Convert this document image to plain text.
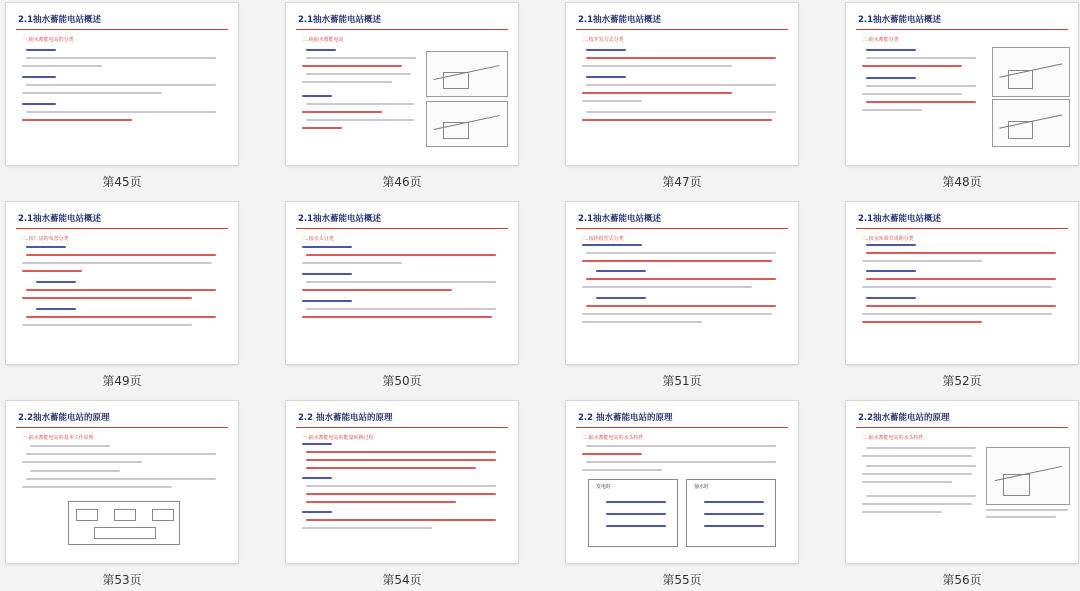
2.1抽水蓄能电站概述
一.抽水蓄能电站的分类
第45页
2.1抽水蓄能电站概述
二.纯抽水蓄能电站
第46页
2.1抽水蓄能电站概述
二.按开发方式分类
第47页
2.1抽水蓄能电站概述
二.抽水蓄能分类
第48页
2.1抽水蓄能电站概述
二.按厂房的布置分类
第49页
2.1抽水蓄能电站概述
二.按水头分类
第50页
2.1抽水蓄能电站概述
二.按机组型式分类
第51页
2.1抽水蓄能电站概述
二.按水库调节周期分类
第52页
2.2抽水蓄能电站的原理
一.抽水蓄能电站的基本工作原理
第53页
2.2 抽水蓄能电站的原理
一.抽水蓄能电站的能量转换过程
第54页
2.2 抽水蓄能电站的原理
二.抽水蓄能电站的水头特性
发电时	抽水时
第55页
2.2抽水蓄能电站的原理
二.抽水蓄能电站的水头特性
第56页
